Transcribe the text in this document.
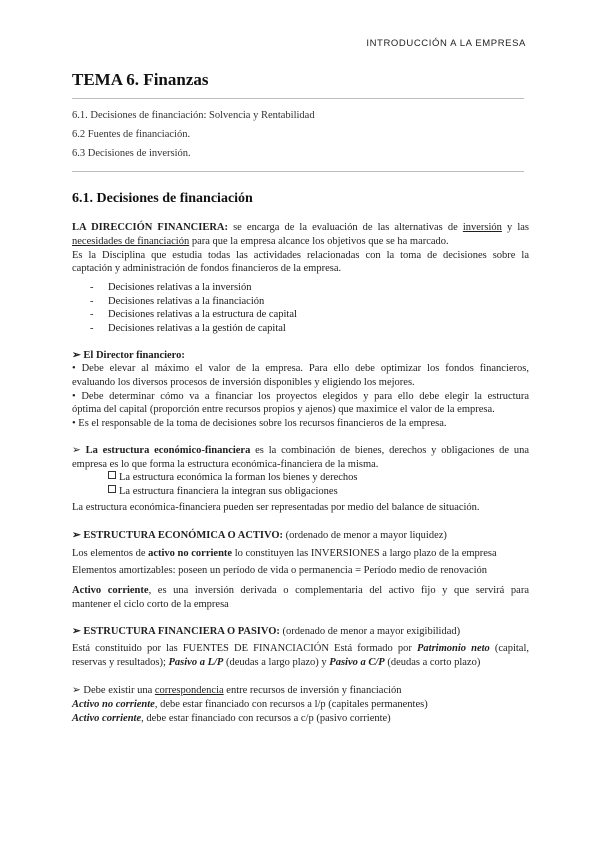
INTRODUCCIÓN A LA EMPRESA
TEMA 6. Finanzas
6.1. Decisiones de financiación: Solvencia y Rentabilidad
6.2 Fuentes de financiación.
6.3 Decisiones de inversión.
6.1. Decisiones de financiación
LA DIRECCIÓN FINANCIERA: se encarga de la evaluación de las alternativas de inversión y las
necesidades de financiación para que la empresa alcance los objetivos que se ha marcado.
Es la Disciplina que estudia todas las actividades relacionadas con la toma de decisiones sobre la
captación y administración de fondos financieros de la empresa.
- Decisiones relativas a la inversión
- Decisiones relativas a la financiación
- Decisiones relativas a la estructura de capital
- Decisiones relativas a la gestión de capital
➢ El Director financiero:
• Debe elevar al máximo el valor de la empresa. Para ello debe optimizar los fondos financieros,
evaluando los diversos procesos de inversión disponibles y eligiendo los mejores.
• Debe determinar cómo va a financiar los proyectos elegidos y para ello debe elegir la estructura
óptima del capital (proporción entre recursos propios y ajenos) que maximice el valor de la empresa.
• Es el responsable de la toma de decisiones sobre los recursos financieros de la empresa.
➢ La estructura económico-financiera es la combinación de bienes, derechos y obligaciones de una
empresa es lo que forma la estructura económica-financiera de la misma.
La estructura económica la forman los bienes y derechos
La estructura financiera la integran sus obligaciones
La estructura económica-financiera pueden ser representadas por medio del balance de situación.
➢ ESTRUCTURA ECONÓMICA O ACTIVO: (ordenado de menor a mayor liquidez)
Los elementos de activo no corriente lo constituyen las INVERSIONES a largo plazo de la empresa
Elementos amortizables: poseen un período de vida o permanencia = Período medio de renovación
Activo corriente, es una inversión derivada o complementaria del activo fijo y que servirá para
mantener el ciclo corto de la empresa
➢ ESTRUCTURA FINANCIERA O PASIVO: (ordenado de menor a mayor exigibilidad)
Está constituido por las FUENTES DE FINANCIACIÓN Está formado por Patrimonio neto (capital,
reservas y resultados); Pasivo a L/P (deudas a largo plazo) y Pasivo a C/P (deudas a corto plazo)
➢ Debe existir una correspondencia entre recursos de inversión y financiación
Activo no corriente, debe estar financiado con recursos a l/p (capitales permanentes)
Activo corriente, debe estar financiado con recursos a c/p (pasivo corriente)
